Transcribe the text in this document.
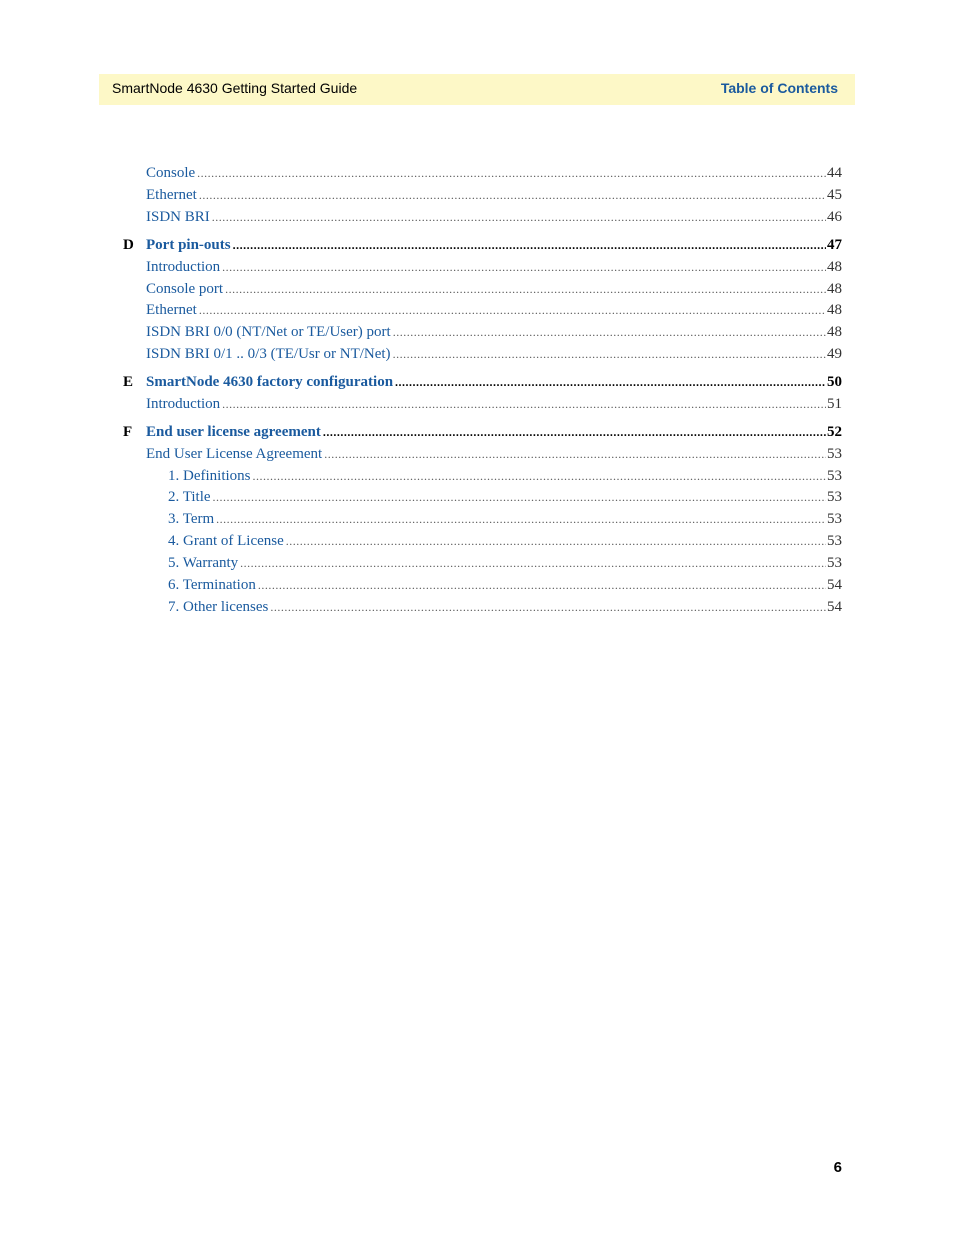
SmartNode 4630 Getting Started Guide	Table of Contents
Console .....	44
Ethernet .....	45
ISDN BRI .....	46
D Port pin-outs .....	47
Introduction .....	48
Console port .....	48
Ethernet .....	48
ISDN BRI 0/0 (NT/Net or TE/User) port .....	48
ISDN BRI 0/1 .. 0/3 (TE/Usr or NT/Net) .....	49
E SmartNode 4630 factory configuration .....	50
Introduction .....	51
F End user license agreement .....	52
End User License Agreement .....	53
1. Definitions .....	53
2. Title .....	53
3. Term .....	53
4. Grant of License .....	53
5. Warranty .....	53
6. Termination .....	54
7. Other licenses .....	54
6
